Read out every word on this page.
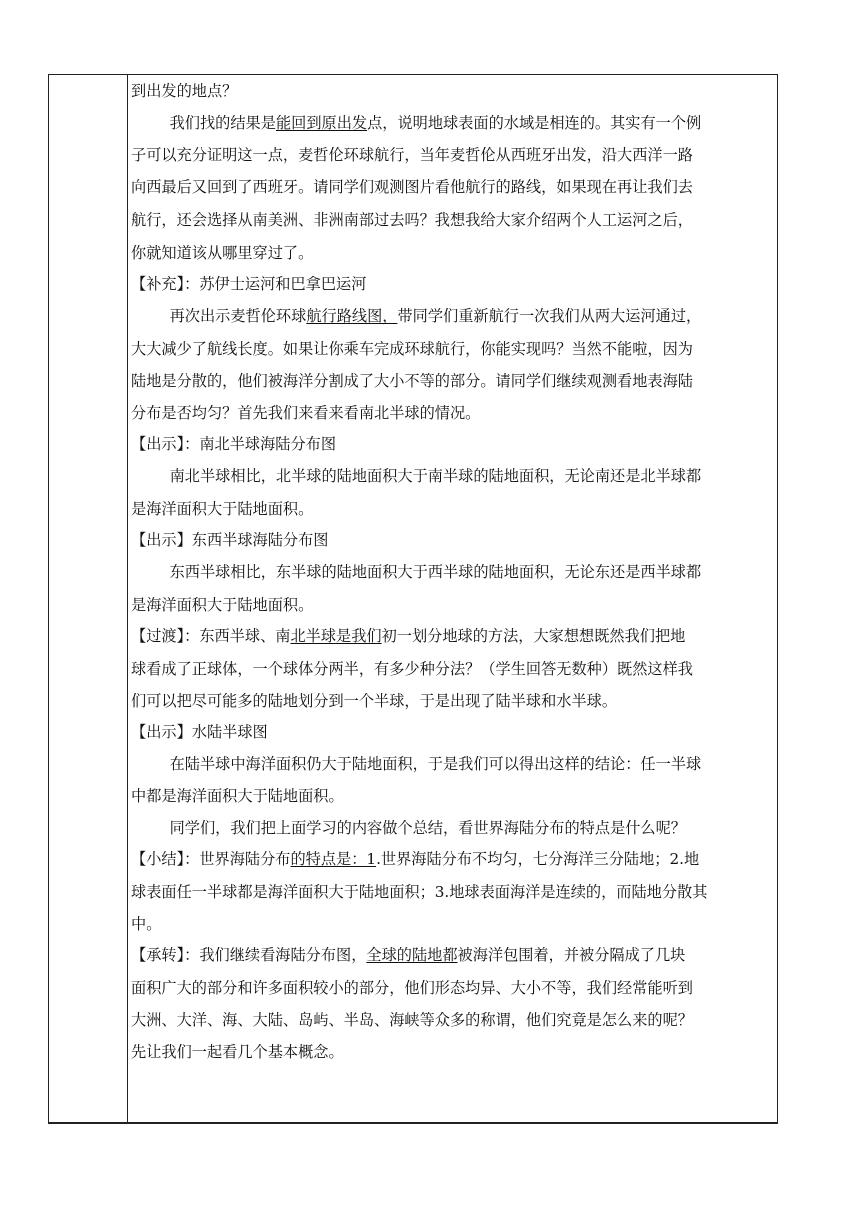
到出发的地点？
我们找的结果是能回到原出发点，说明地球表面的水域是相连的。其实有一个例
子可以充分证明这一点，麦哲伦环球航行，当年麦哲伦从西班牙出发，沿大西洋一路
向西最后又回到了西班牙。请同学们观测图片看他航行的路线，如果现在再让我们去
航行，还会选择从南美洲、非洲南部过去吗？我想我给大家介绍两个人工运河之后，
你就知道该从哪里穿过了。
【补充】：苏伊士运河和巴拿巴运河
再次出示麦哲伦环球航行路线图，带同学们重新航行一次我们从两大运河通过，
大大减少了航线长度。如果让你乘车完成环球航行，你能实现吗？当然不能啦，因为
陆地是分散的，他们被海洋分割成了大小不等的部分。请同学们继续观测看地表海陆
分布是否均匀？首先我们来看来看南北半球的情况。
【出示】：南北半球海陆分布图
南北半球相比，北半球的陆地面积大于南半球的陆地面积，无论南还是北半球都
是海洋面积大于陆地面积。
【出示】东西半球海陆分布图
东西半球相比，东半球的陆地面积大于西半球的陆地面积，无论东还是西半球都
是海洋面积大于陆地面积。
【过渡】：东西半球、南北半球是我们初一划分地球的方法，大家想想既然我们把地
球看成了正球体，一个球体分两半，有多少种分法？（学生回答无数种）既然这样我
们可以把尽可能多的陆地划分到一个半球，于是出现了陆半球和水半球。
【出示】水陆半球图
在陆半球中海洋面积仍大于陆地面积，于是我们可以得出这样的结论：任一半球
中都是海洋面积大于陆地面积。
同学们，我们把上面学习的内容做个总结，看世界海陆分布的特点是什么呢？
【小结】：世界海陆分布的特点是：1.世界海陆分布不均匀，七分海洋三分陆地；2.地
球表面任一半球都是海洋面积大于陆地面积；3.地球表面海洋是连续的，而陆地分散其
中。
【承转】：我们继续看海陆分布图，全球的陆地都被海洋包围着，并被分隔成了几块
面积广大的部分和许多面积较小的部分，他们形态均异、大小不等，我们经常能听到
大洲、大洋、海、大陆、岛屿、半岛、海峡等众多的称谓，他们究竟是怎么来的呢？
先让我们一起看几个基本概念。
